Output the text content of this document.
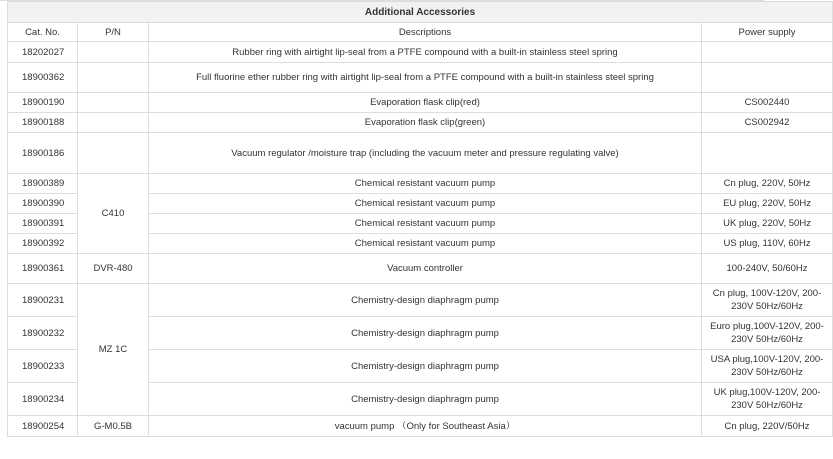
Additional Accessories			
Cat. No.	P/N	Descriptions	Power supply
18202027		Rubber ring with airtight lip-seal from a PTFE compound with a built-in stainless steel spring	
18900362		Full fluorine ether rubber ring with airtight lip-seal from a PTFE compound with a built-in stainless steel spring	
18900190		Evaporation flask clip(red)	CS002440
18900188		Evaporation flask clip(green)	CS002942
18900186		Vacuum regulator /moisture trap (including the vacuum meter and pressure regulating valve)	
18900389	C410	Chemical resistant vacuum pump	Cn plug, 220V, 50Hz
18900390		Chemical resistant vacuum pump	EU plug, 220V, 50Hz
18900391		Chemical resistant vacuum pump	UK plug, 220V, 50Hz
18900392		Chemical resistant vacuum pump	US plug, 110V, 60Hz
18900361	DVR-480	Vacuum controller	100-240V, 50/60Hz
18900231	MZ 1C	Chemistry-design diaphragm pump	Cn plug, 100V-120V, 200-230V 50Hz/60Hz
18900232		Chemistry-design diaphragm pump	Euro plug,100V-120V, 200-230V 50Hz/60Hz
18900233		Chemistry-design diaphragm pump	USA plug,100V-120V, 200-230V 50Hz/60Hz
18900234		Chemistry-design diaphragm pump	UK plug,100V-120V, 200-230V 50Hz/60Hz
18900254	G-M0.5B	vacuum pump （Only for Southeast Asia）	Cn plug, 220V/50Hz
